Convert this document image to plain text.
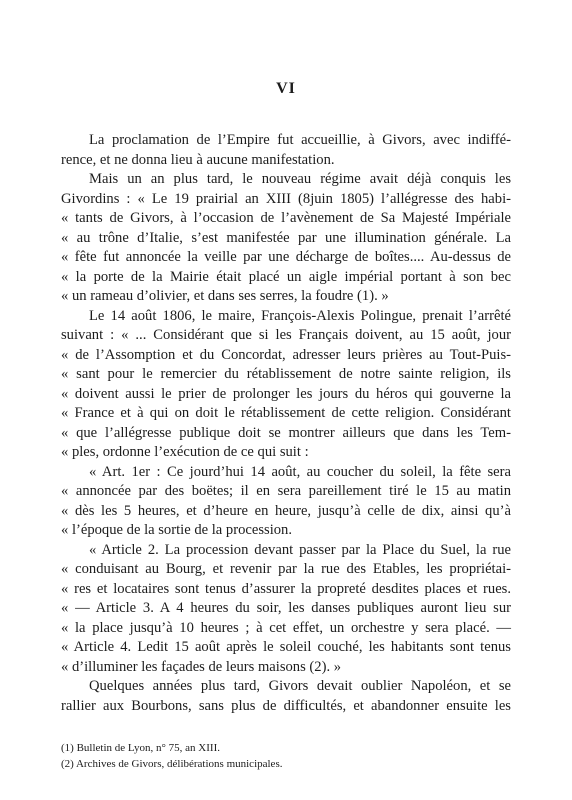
VI
La proclamation de l’Empire fut accueillie, à Givors, avec indiffé-
rence, et ne donna lieu à aucune manifestation.
Mais un an plus tard, le nouveau régime avait déjà conquis les
Givordins : « Le 19 prairial an XIII (8juin 1805) l’allégresse des habi-
« tants de Givors, à l’occasion de l’avènement de Sa Majesté Impériale
« au trône d’Italie, s’est manifestée par une illumination générale. La
« fête fut annoncée la veille par une décharge de boîtes.... Au-dessus de
« la porte de la Mairie était placé un aigle impérial portant à son bec
« un rameau d’olivier, et dans ses serres, la foudre (1). »
Le 14 août 1806, le maire, François-Alexis Polingue, prenait l’arrêté
suivant : « ... Considérant que si les Français doivent, au 15 août, jour
« de l’Assomption et du Concordat, adresser leurs prières au Tout-Puis-
« sant pour le remercier du rétablissement de notre sainte religion, ils
« doivent aussi le prier de prolonger les jours du héros qui gouverne la
« France et à qui on doit le rétablissement de cette religion. Considérant
« que l’allégresse publique doit se montrer ailleurs que dans les Tem-
« ples, ordonne l’exécution de ce qui suit :
« Art. 1er : Ce jourd’hui 14 août, au coucher du soleil, la fête sera
« annoncée par des boëtes; il en sera pareillement tiré le 15 au matin
« dès les 5 heures, et d’heure en heure, jusqu’à celle de dix, ainsi qu’à
« l’époque de la sortie de la procession.
« Article 2. La procession devant passer par la Place du Suel, la rue
« conduisant au Bourg, et revenir par la rue des Etables, les propriétai-
« res et locataires sont tenus d’assurer la propreté desdites places et rues.
« — Article 3. A 4 heures du soir, les danses publiques auront lieu sur
« la place jusqu’à 10 heures ; à cet effet, un orchestre y sera placé. —
« Article 4. Ledit 15 août après le soleil couché, les habitants sont tenus
« d’illuminer les façades de leurs maisons (2). »
Quelques années plus tard, Givors devait oublier Napoléon, et se
rallier aux Bourbons, sans plus de difficultés, et abandonner ensuite les
(1) Bulletin de Lyon, n° 75, an XIII.
(2) Archives de Givors, délibérations municipales.
